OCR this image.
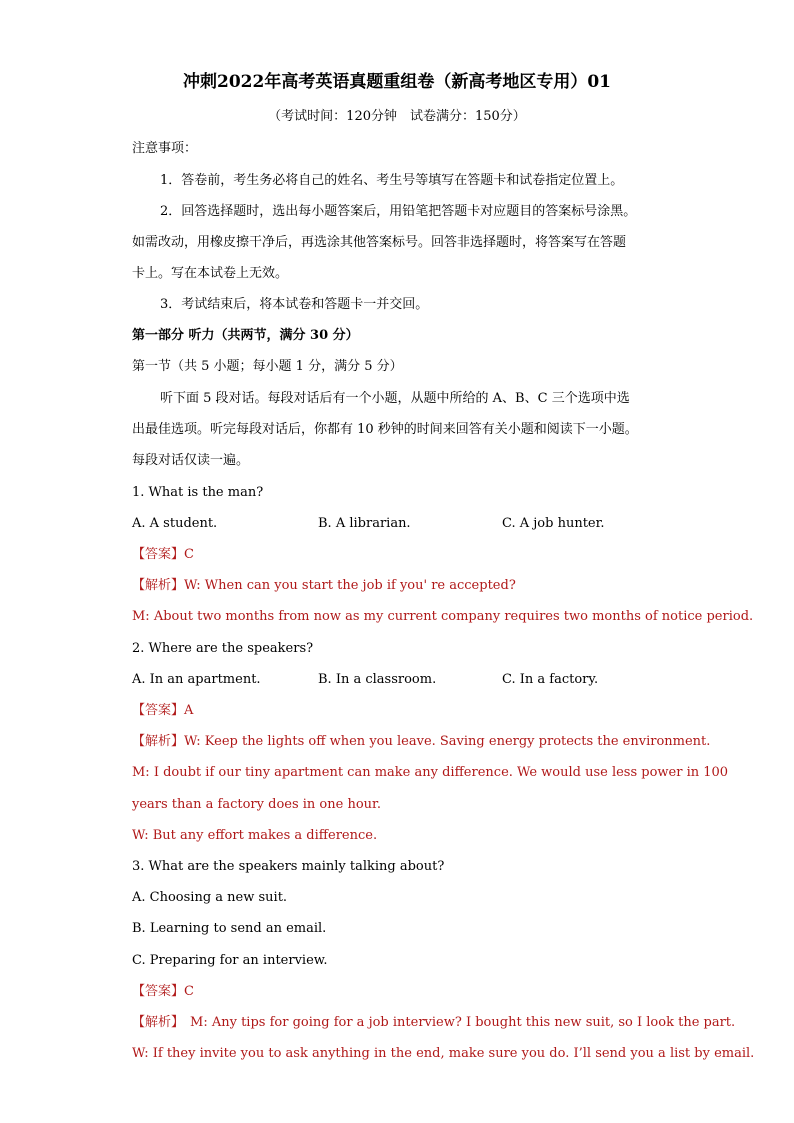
冲刺2022年高考英语真题重组卷（新高考地区专用）01
（考试时间：120分钟　试卷满分：150分）
注意事项：
1．答卷前，考生务必将自己的姓名、考生号等填写在答题卡和试卷指定位置上。
2．回答选择题时，选出每小题答案后，用铅笔把答题卡对应题目的答案标号涂黑。
如需改动，用橡皮擦干净后，再选涂其他答案标号。回答非选择题时，将答案写在答题
卡上。写在本试卷上无效。
3．考试结束后，将本试卷和答题卡一并交回。
第一部分 听力（共两节，满分 30 分）
第一节（共 5 小题；每小题 1 分，满分 5 分）
听下面 5 段对话。每段对话后有一个小题，从题中所给的 A、B、C 三个选项中选
出最佳选项。听完每段对话后，你都有 10 秒钟的时间来回答有关小题和阅读下一小题。
每段对话仅读一遍。
1. What is the man?
A. A student.	B. A librarian.	C. A job hunter.
【答案】C
【解析】W: When can you start the job if you' re accepted?
M: About two months from now as my current company requires two months of notice period.
2. Where are the speakers?
A. In an apartment.	B. In a classroom.	C. In a factory.
【答案】A
【解析】W: Keep the lights off when you leave. Saving energy protects the environment.
M: I doubt if our tiny apartment can make any difference. We would use less power in 100
years than a factory does in one hour.
W: But any effort makes a difference.
3. What are the speakers mainly talking about?
A. Choosing a new suit.
B. Learning to send an email.
C. Preparing for an interview.
【答案】C
【解析】 M: Any tips for going for a job interview? I bought this new suit, so I look the part.
W: If they invite you to ask anything in the end, make sure you do. I’ll send you a list by email.
